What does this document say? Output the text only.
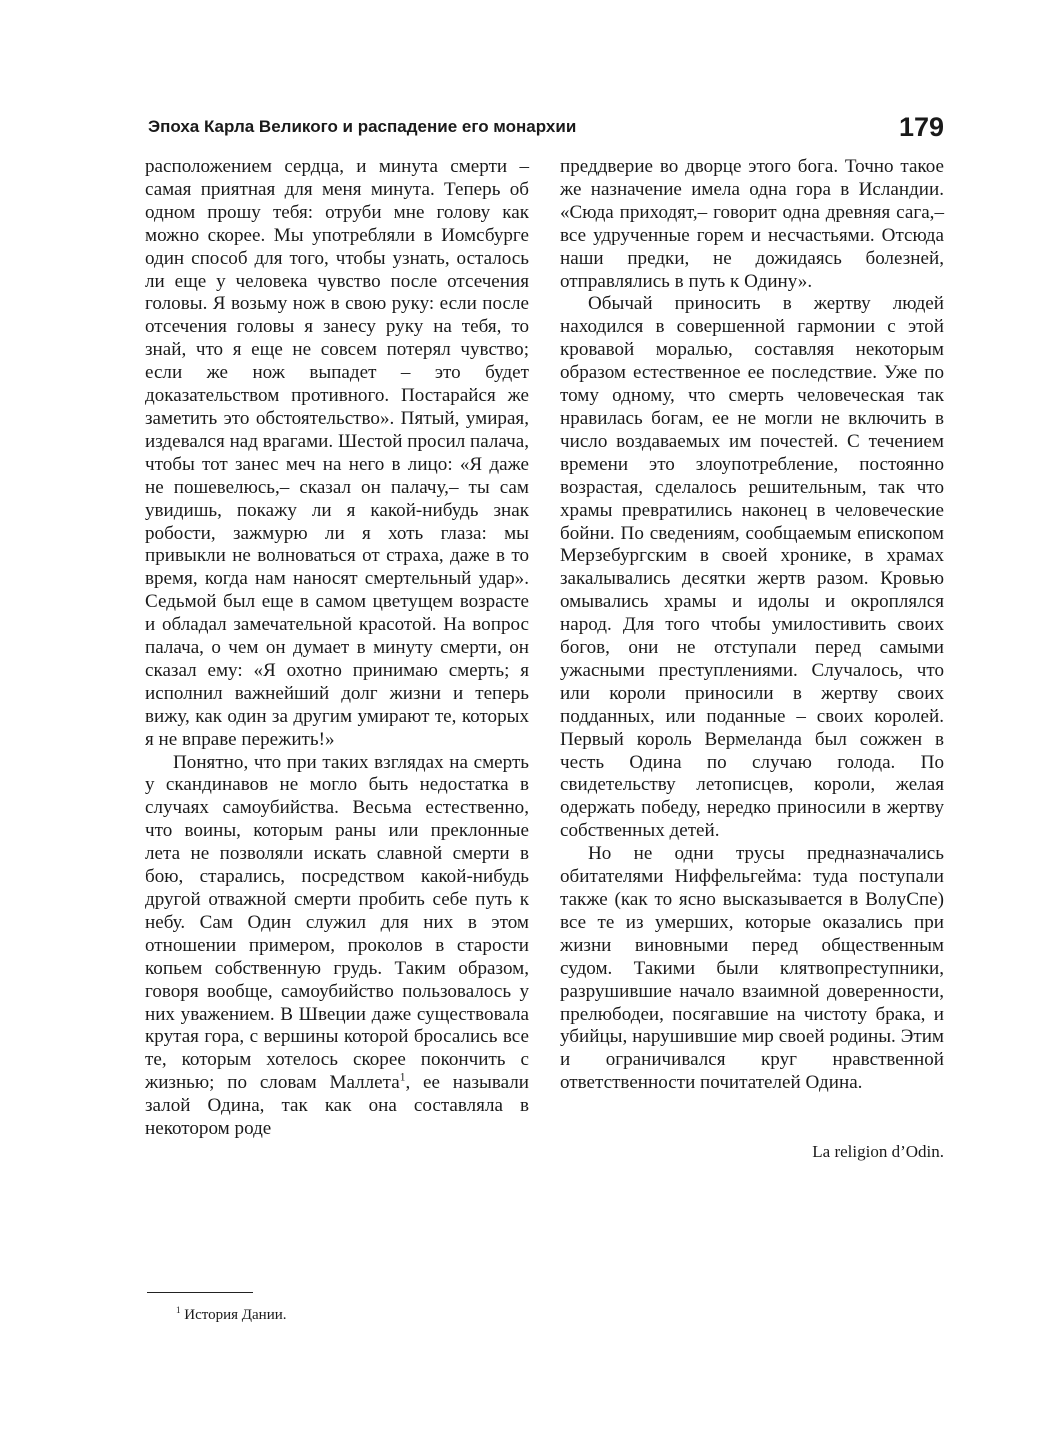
Эпоха Карла Великого и распадение его монархии	179

расположением сердца, и минута смерти – самая приятная для меня минута. Теперь об одном прошу тебя: отруби мне голову как можно скорее. Мы употребляли в Иомсбурге один способ для того, чтобы узнать, осталось ли еще у человека чувство после отсечения головы. Я возьму нож в свою руку: если после отсечения головы я занесу руку на тебя, то знай, что я еще не совсем потерял чувство; если же нож выпадет – это будет доказательством противного. Постарайся же заметить это обстоятельство». Пятый, умирая, издевался над врагами. Шестой просил палача, чтобы тот занес меч на него в лицо: «Я даже не пошевелюсь,– сказал он палачу,– ты сам увидишь, покажу ли я какой-нибудь знак робости, зажмурю ли я хоть глаза: мы привыкли не волноваться от страха, даже в то время, когда нам наносят смертельный удар». Седьмой был еще в самом цветущем возрасте и обладал замечательной красотой. На вопрос палача, о чем он думает в минуту смерти, он сказал ему: «Я охотно принимаю смерть; я исполнил важнейший долг жизни и теперь вижу, как один за другим умирают те, которых я не вправе пережить!»

Понятно, что при таких взглядах на смерть у скандинавов не могло быть недостатка в случаях самоубийства. Весьма естественно, что воины, которым раны или преклонные лета не позволяли искать славной смерти в бою, старались, посредством какой-нибудь другой отважной смерти пробить себе путь к небу. Сам Один служил для них в этом отношении примером, проколов в старости копьем собственную грудь. Таким образом, говоря вообще, самоубийство пользовалось у них уважением. В Швеции даже существовала крутая гора, с вершины которой бросались все те, которым хотелось скорее покончить с жизнью; по словам Маллета$^1$, ее называли залой Одина, так как она составляла в некотором роде

преддверие во дворце этого бога. Точно такое же назначение имела одна гора в Исландии. «Сюда приходят,– говорит одна древняя сага,– все удрученные горем и несчастьями. Отсюда наши предки, не дожидаясь болезней, отправлялись в путь к Одину».

Обычай приносить в жертву людей находился в совершенной гармонии с этой кровавой моралью, составляя некоторым образом естественное ее последствие. Уже по тому одному, что смерть человеческая так нравилась богам, ее не могли не включить в число воздаваемых им почестей. С течением времени это злоупотребление, постоянно возрастая, сделалось решительным, так что храмы превратились наконец в человеческие бойни. По сведениям, сообщаемым епископом Мерзебургским в своей хронике, в храмах закалывались десятки жертв разом. Кровью омывались храмы и идолы и окроплялся народ. Для того чтобы умилостивить своих богов, они не отступали перед самыми ужасными преступлениями. Случалось, что или короли приносили в жертву своих подданных, или поданные – своих королей. Первый король Вермеланда был сожжен в честь Одина по случаю голода. По свидетельству летописцев, короли, желая одержать победу, нередко приносили в жертву собственных детей.

Но не одни трусы предназначались обитателями Ниффельгейма: туда поступали также (как то ясно высказывается в ВолуСпе) все те из умерших, которые оказались при жизни виновными перед общественным судом. Такими были клятвопреступники, разрушившие начало взаимной доверенности, прелюбодеи, посягавшие на чистоту брака, и убийцы, нарушившие мир своей родины. Этим и ограничивался круг нравственной ответственности почитателей Одина.

La religion d’Odin.
$^1$ История Дании.
